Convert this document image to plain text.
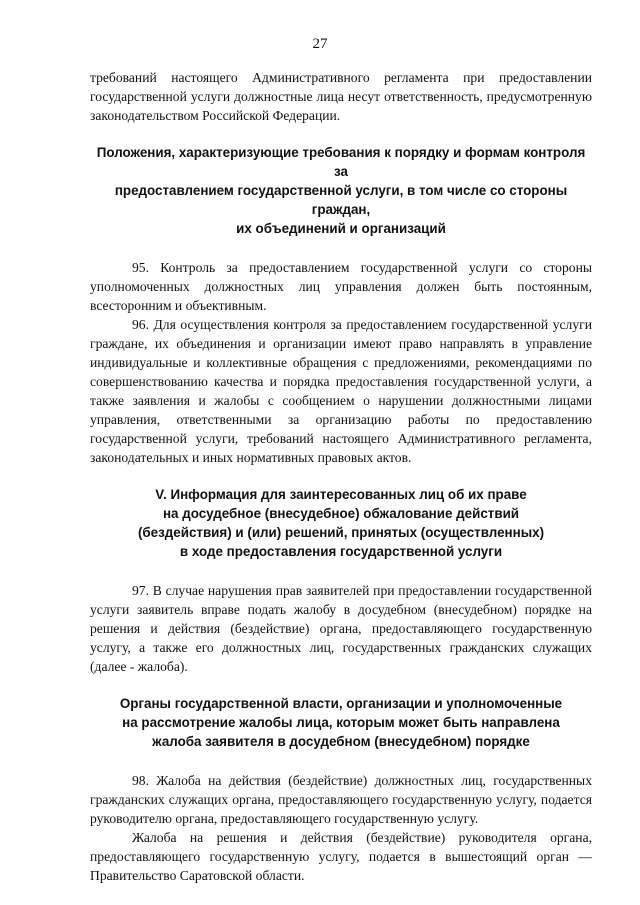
27

требований настоящего Административного регламента при предоставлении государственной услуги должностные лица несут ответственность, предусмотренную законодательством Российской Федерации.

Положения, характеризующие требования к порядку и формам контроля за
предоставлением государственной услуги, в том числе со стороны граждан,
их объединений и организаций

95. Контроль за предоставлением государственной услуги со стороны уполномоченных должностных лиц управления должен быть постоянным, всесторонним и объективным.

96. Для осуществления контроля за предоставлением государственной услуги граждане, их объединения и организации имеют право направлять в управление индивидуальные и коллективные обращения с предложениями, рекомендациями по совершенствованию качества и порядка предоставления государственной услуги, а также заявления и жалобы с сообщением о нарушении должностными лицами управления, ответственными за организацию работы по предоставлению государственной услуги, требований настоящего Административного регламента, законодательных и иных нормативных правовых актов.

V. Информация для заинтересованных лиц об их праве
на досудебное (внесудебное) обжалование действий
(бездействия) и (или) решений, принятых (осуществленных)
в ходе предоставления государственной услуги

97. В случае нарушения прав заявителей при предоставлении государственной услуги заявитель вправе подать жалобу в досудебном (внесудебном) порядке на решения и действия (бездействие) органа, предоставляющего государственную услугу, а также его должностных лиц, государственных гражданских служащих (далее - жалоба).

Органы государственной власти, организации и уполномоченные
на рассмотрение жалобы лица, которым может быть направлена
жалоба заявителя в досудебном (внесудебном) порядке

98. Жалоба на действия (бездействие) должностных лиц, государственных гражданских служащих органа, предоставляющего государственную услугу, подается руководителю органа, предоставляющего государственную услугу.

Жалоба на решения и действия (бездействие) руководителя органа, предоставляющего государственную услугу, подается в вышестоящий орган — Правительство Саратовской области.
